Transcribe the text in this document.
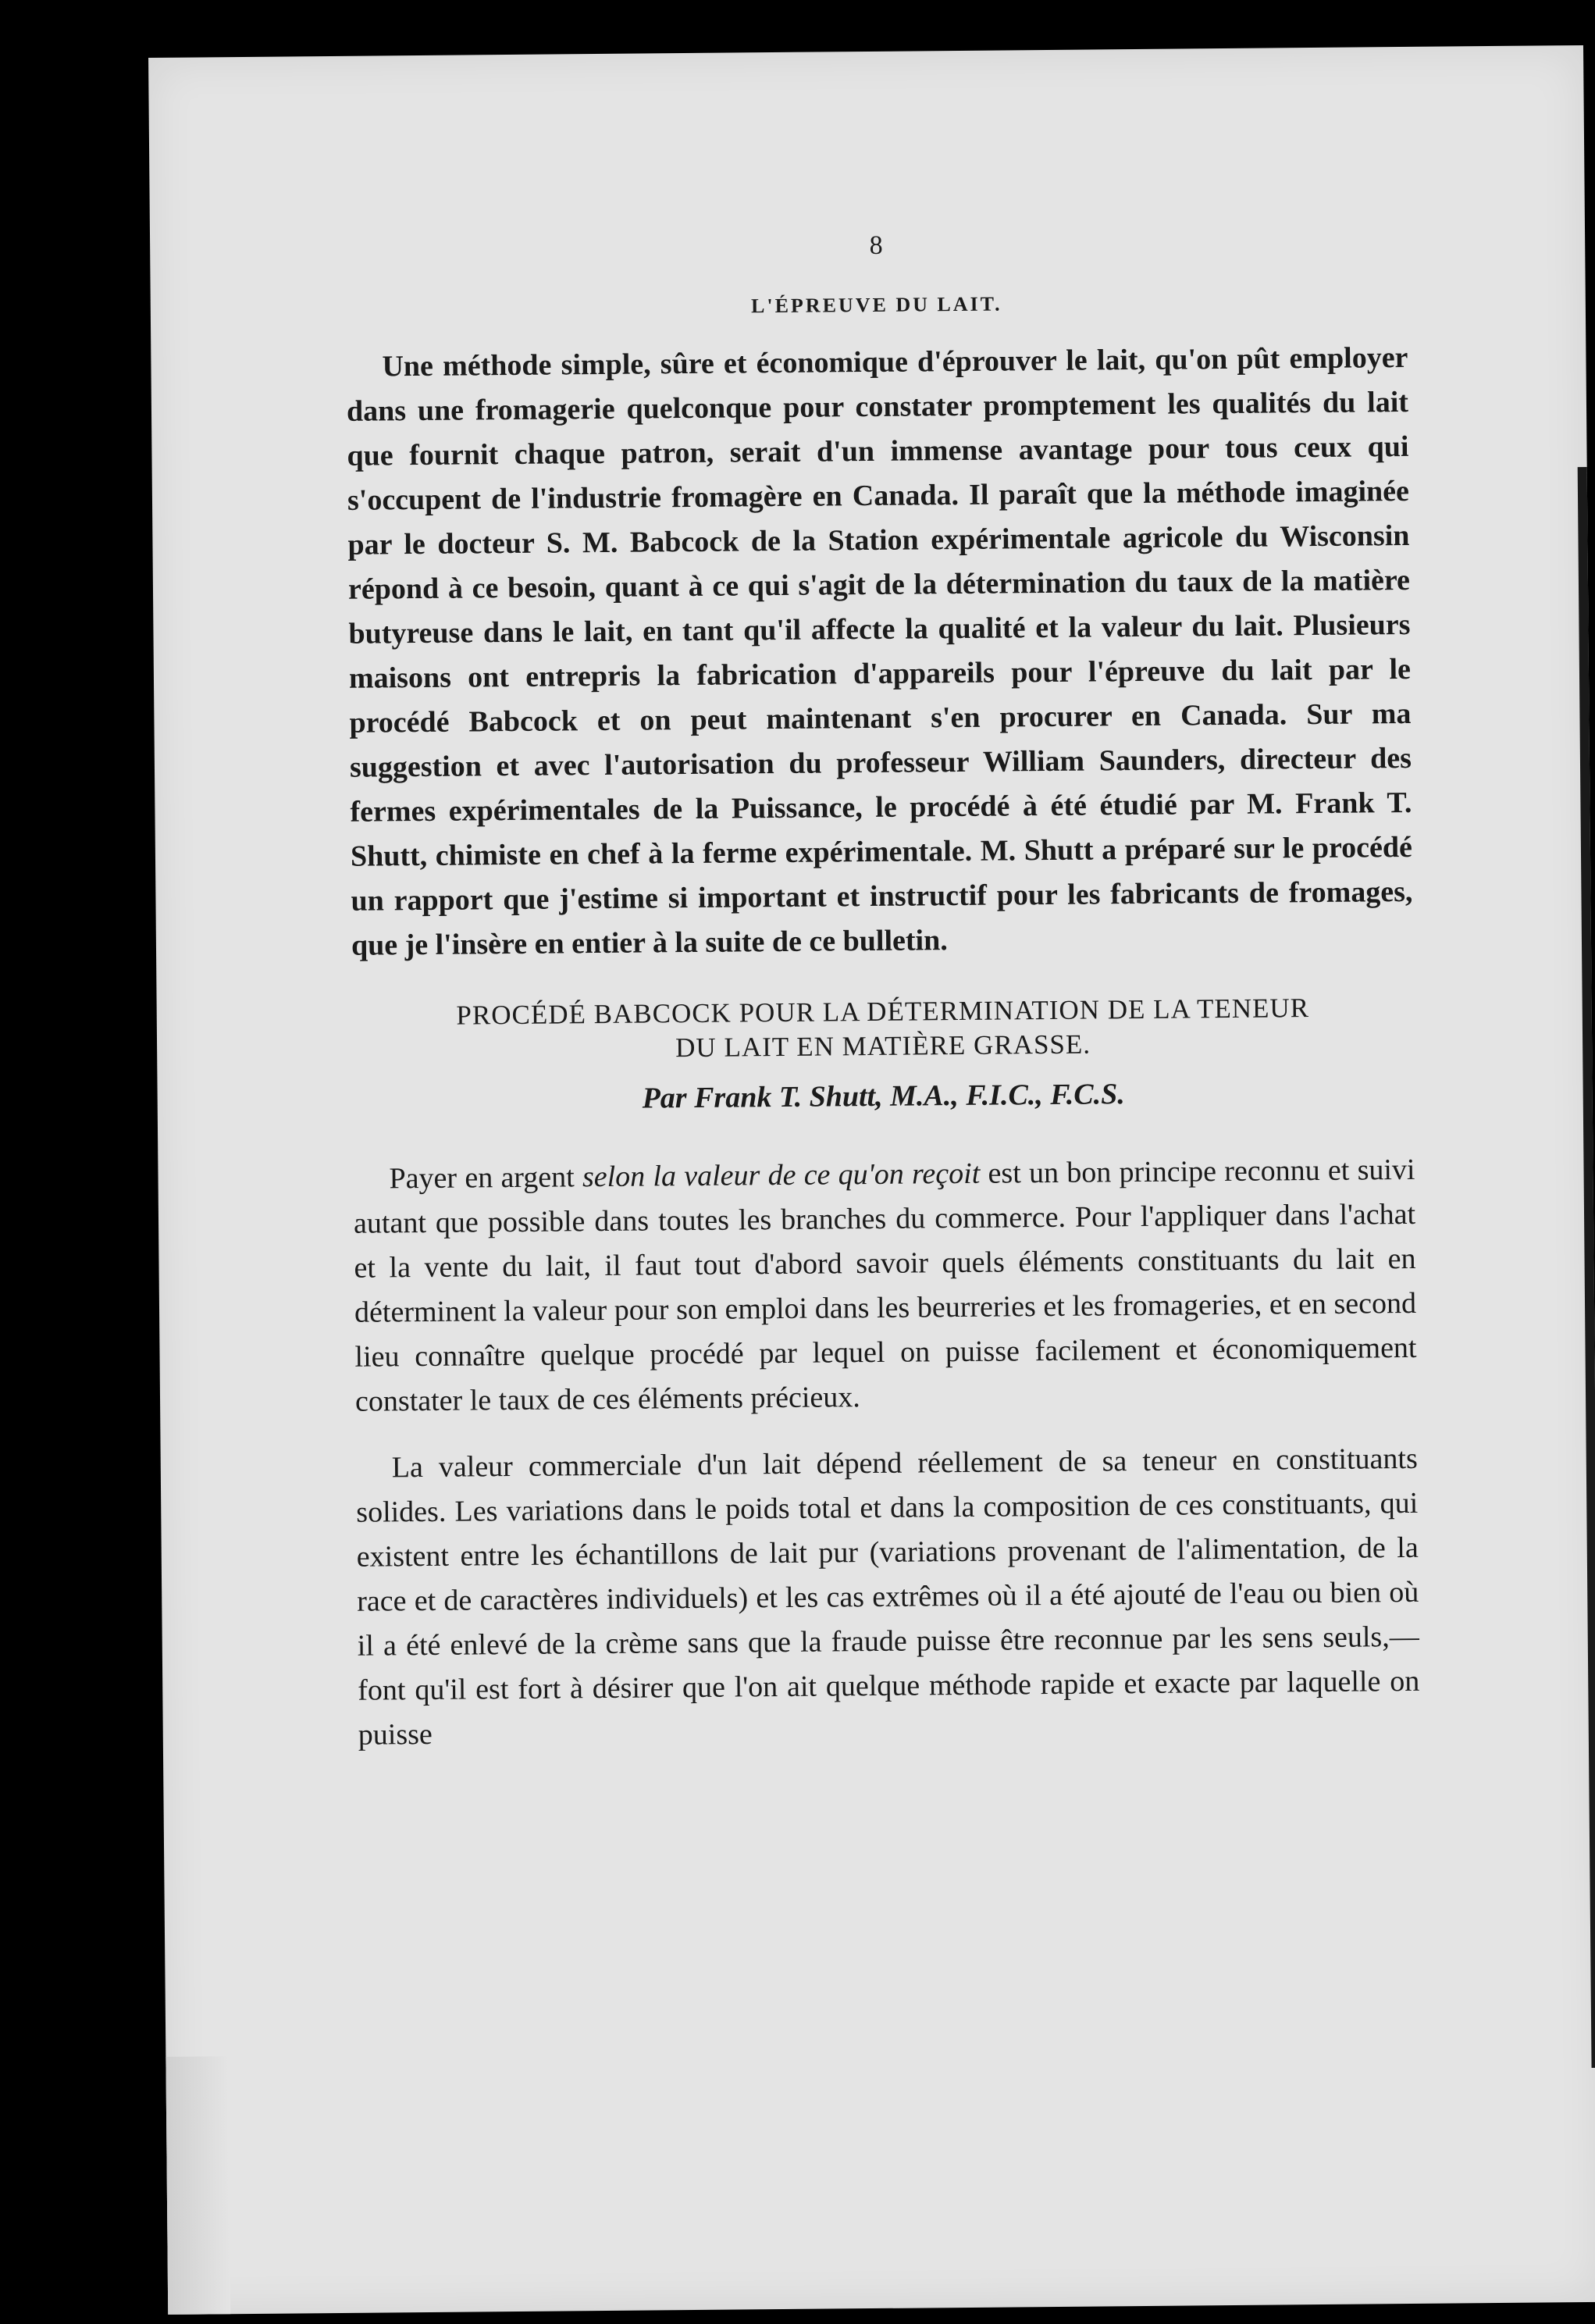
8
L'ÉPREUVE DU LAIT.

Une méthode simple, sûre et économique d'éprouver le lait, qu'on pût employer dans une fromagerie quelconque pour constater promptement les qualités du lait que fournit chaque patron, serait d'un immense avantage pour tous ceux qui s'occupent de l'industrie fromagère en Canada. Il paraît que la méthode imaginée par le docteur S. M. Babcock de la Station expérimentale agricole du Wisconsin répond à ce besoin, quant à ce qui s'agit de la détermination du taux de la matière butyreuse dans le lait, en tant qu'il affecte la qualité et la valeur du lait. Plusieurs maisons ont entrepris la fabrication d'appareils pour l'épreuve du lait par le procédé Babcock et on peut maintenant s'en procurer en Canada. Sur ma suggestion et avec l'autorisation du professeur William Saunders, directeur des fermes expérimentales de la Puissance, le procédé à été étudié par M. Frank T. Shutt, chimiste en chef à la ferme expérimentale. M. Shutt a préparé sur le procédé un rapport que j'estime si important et instructif pour les fabricants de fromages, que je l'insère en entier à la suite de ce bulletin.

PROCÉDÉ BABCOCK POUR LA DÉTERMINATION DE LA TENEUR
DU LAIT EN MATIÈRE GRASSE.
Par Frank T. Shutt, M.A., F.I.C., F.C.S.

Payer en argent selon la valeur de ce qu'on reçoit est un bon principe reconnu et suivi autant que possible dans toutes les branches du commerce. Pour l'appliquer dans l'achat et la vente du lait, il faut tout d'abord savoir quels éléments constituants du lait en déterminent la valeur pour son emploi dans les beurreries et les fromageries, et en second lieu connaître quelque procédé par lequel on puisse facilement et économiquement constater le taux de ces éléments précieux.

La valeur commerciale d'un lait dépend réellement de sa teneur en constituants solides. Les variations dans le poids total et dans la composition de ces constituants, qui existent entre les échantillons de lait pur (variations provenant de l'alimentation, de la race et de caractères individuels) et les cas extrêmes où il a été ajouté de l'eau ou bien où il a été enlevé de la crème sans que la fraude puisse être reconnue par les sens seuls,—font qu'il est fort à désirer que l'on ait quelque méthode rapide et exacte par laquelle on puisse
